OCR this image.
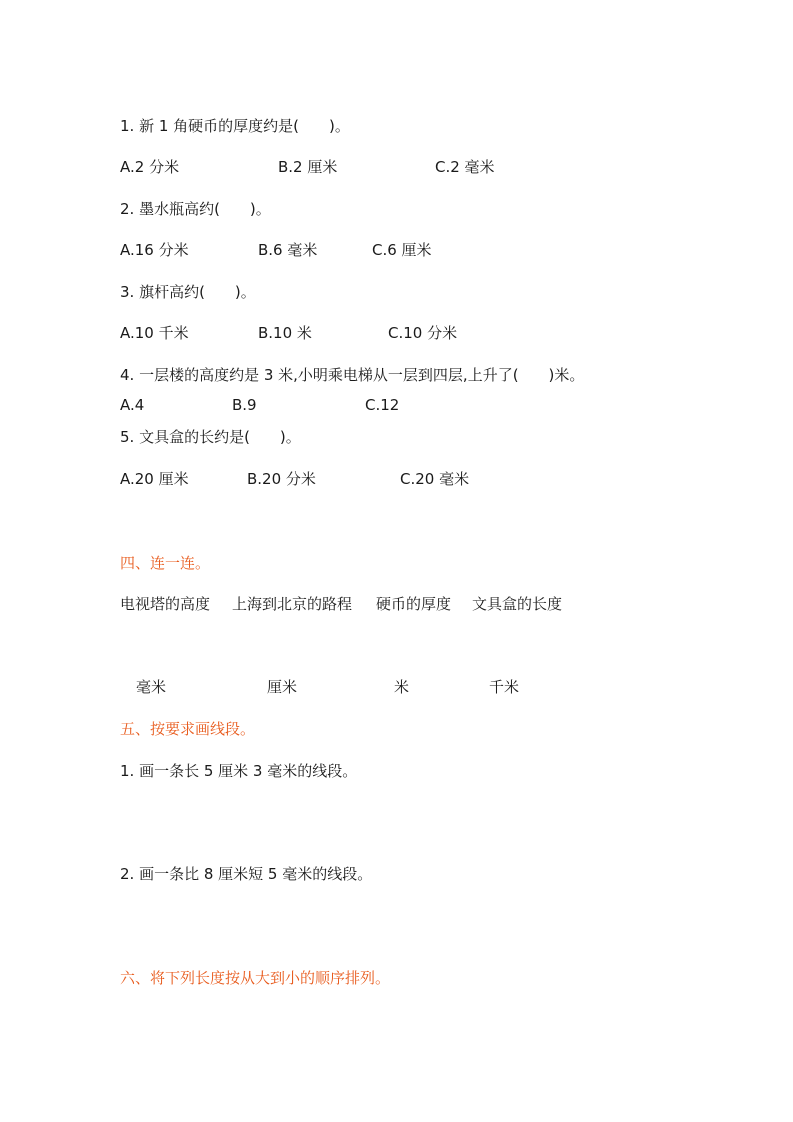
1. 新 1 角硬币的厚度约是(　　)。
A.2 分米	B.2 厘米	C.2 毫米
2. 墨水瓶高约(　　)。
A.16 分米	B.6 毫米	C.6 厘米
3. 旗杆高约(　　)。
A.10 千米	B.10 米	C.10 分米
4. 一层楼的高度约是 3 米,小明乘电梯从一层到四层,上升了(　　)米。
A.4	B.9	C.12
5. 文具盒的长约是(　　)。
A.20 厘米	B.20 分米	C.20 毫米
四、连一连。
电视塔的高度 上海到北京的路程 硬币的厚度 文具盒的长度
毫米	厘米	米	千米
五、按要求画线段。
1. 画一条长 5 厘米 3 毫米的线段。
2. 画一条比 8 厘米短 5 毫米的线段。
六、将下列长度按从大到小的顺序排列。
